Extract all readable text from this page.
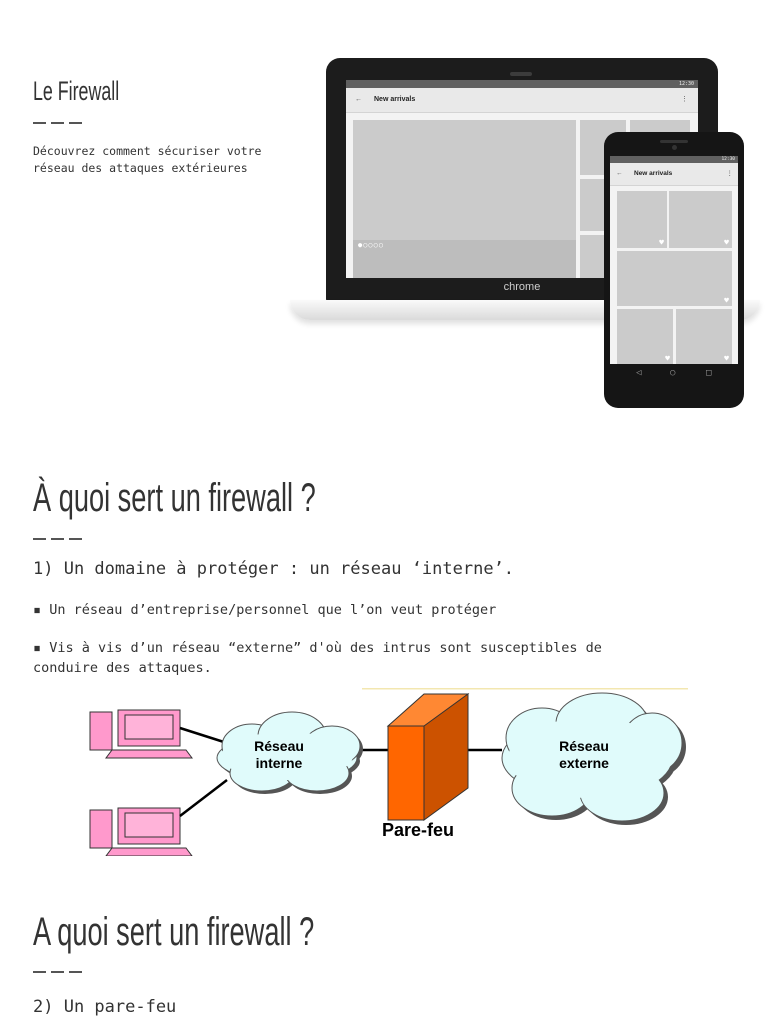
Le Firewall
Découvrez comment sécuriser votre réseau des attaques extérieures
12:30
← New arrivals	⋮
●○○○○
chrome
12:30
← New arrivals	⋮
♥	♥
♥
♥	♥
◁	○	□
À quoi sert un firewall ?
1) Un domaine à protéger : un réseau ‘interne’.
▪ Un réseau d’entreprise/personnel que l’on veut protéger
▪ Vis à vis d’un réseau “externe” d'où des intrus sont susceptibles de conduire des attaques.
Réseau
interne
Pare-feu
Réseau
externe
A quoi sert un firewall ?
2) Un pare-feu
